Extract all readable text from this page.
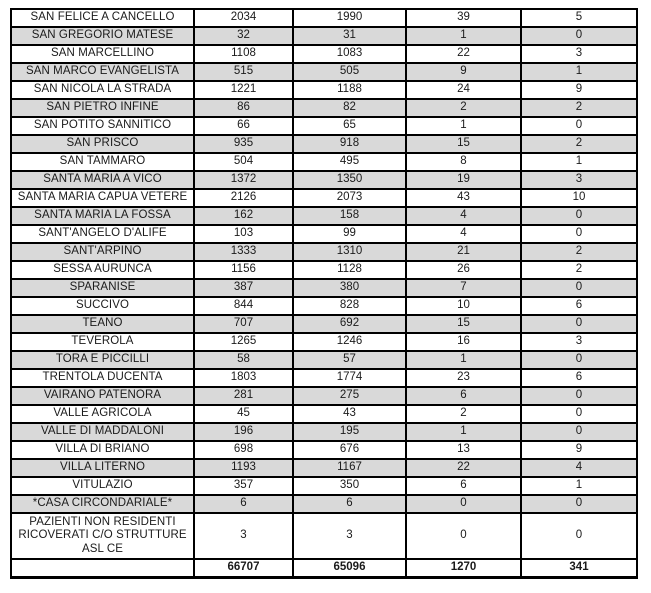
SAN FELICE A CANCELLO	2034	1990	39	5
SAN GREGORIO MATESE	32	31	1	0
SAN MARCELLINO	1108	1083	22	3
SAN MARCO EVANGELISTA	515	505	9	1
SAN NICOLA LA STRADA	1221	1188	24	9
SAN PIETRO INFINE	86	82	2	2
SAN POTITO SANNITICO	66	65	1	0
SAN PRISCO	935	918	15	2
SAN TAMMARO	504	495	8	1
SANTA MARIA A VICO	1372	1350	19	3
SANTA MARIA CAPUA VETERE	2126	2073	43	10
SANTA MARIA LA FOSSA	162	158	4	0
SANT'ANGELO D'ALIFE	103	99	4	0
SANT'ARPINO	1333	1310	21	2
SESSA AURUNCA	1156	1128	26	2
SPARANISE	387	380	7	0
SUCCIVO	844	828	10	6
TEANO	707	692	15	0
TEVEROLA	1265	1246	16	3
TORA E PICCILLI	58	57	1	0
TRENTOLA DUCENTA	1803	1774	23	6
VAIRANO PATENORA	281	275	6	0
VALLE AGRICOLA	45	43	2	0
VALLE DI MADDALONI	196	195	1	0
VILLA DI BRIANO	698	676	13	9
VILLA LITERNO	1193	1167	22	4
VITULAZIO	357	350	6	1
*CASA CIRCONDARIALE*	6	6	0	0
PAZIENTI NON RESIDENTI RICOVERATI C/O STRUTTURE ASL CE	3	3	0	0
	66707	65096	1270	341
